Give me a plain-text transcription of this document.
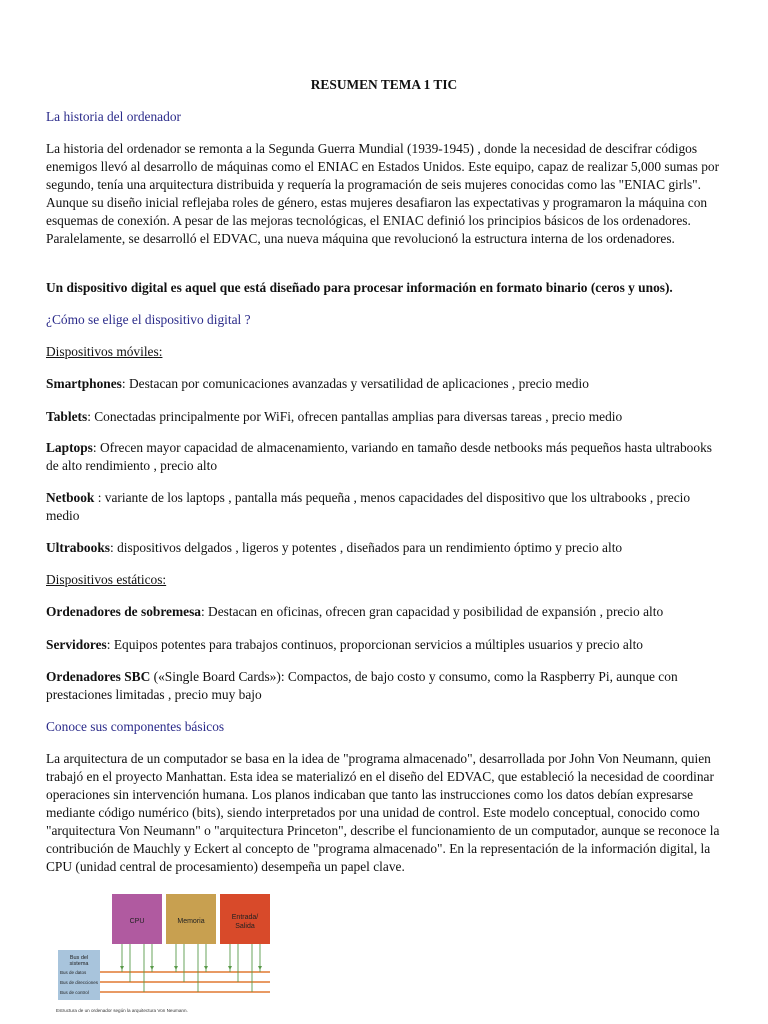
RESUMEN TEMA 1 TIC

La historia del ordenador

La historia del ordenador se remonta a la Segunda Guerra Mundial (1939-1945) , donde la necesidad de descifrar códigos enemigos llevó al desarrollo de máquinas como el ENIAC en Estados Unidos. Este equipo, capaz de realizar 5,000 sumas por segundo, tenía una arquitectura distribuida y requería la programación de seis mujeres conocidas como las "ENIAC girls". Aunque su diseño inicial reflejaba roles de género, estas mujeres desafiaron las expectativas y programaron la máquina con esquemas de conexión. A pesar de las mejoras tecnológicas, el ENIAC definió los principios básicos de los ordenadores. Paralelamente, se desarrolló el EDVAC, una nueva máquina que revolucionó la estructura interna de los ordenadores.

Un dispositivo digital es aquel que está diseñado para procesar información en formato binario (ceros y unos).

¿Cómo se elige el dispositivo digital ?

Dispositivos móviles:

Smartphones: Destacan por comunicaciones avanzadas y versatilidad de aplicaciones , precio medio

Tablets: Conectadas principalmente por WiFi, ofrecen pantallas amplias para diversas tareas , precio medio

Laptops: Ofrecen mayor capacidad de almacenamiento, variando en tamaño desde netbooks más pequeños hasta ultrabooks de alto rendimiento , precio alto

Netbook : variante de los laptops , pantalla más pequeña , menos capacidades del dispositivo que los ultrabooks , precio medio

Ultrabooks: dispositivos delgados , ligeros y potentes , diseñados para un rendimiento óptimo y precio alto

Dispositivos estáticos:

Ordenadores de sobremesa: Destacan en oficinas, ofrecen gran capacidad y posibilidad de expansión , precio alto

Servidores: Equipos potentes para trabajos continuos, proporcionan servicios a múltiples usuarios y precio alto

Ordenadores SBC («Single Board Cards»): Compactos, de bajo costo y consumo, como la Raspberry Pi, aunque con prestaciones limitadas , precio muy bajo

Conoce sus componentes básicos

La arquitectura de un computador se basa en la idea de "programa almacenado", desarrollada por John Von Neumann, quien trabajó en el proyecto Manhattan. Esta idea se materializó en el diseño del EDVAC, que estableció la necesidad de coordinar operaciones sin intervención humana. Los planos indicaban que tanto las instrucciones como los datos debían expresarse mediante código numérico (bits), siendo interpretados por una unidad de control. Este modelo conceptual, conocido como "arquitectura Von Neumann" o "arquitectura Princeton", describe el funcionamiento de un computador, aunque se reconoce la contribución de Mauchly y Eckert al concepto de "programa almacenado". En la representación de la información digital, la CPU (unidad central de procesamiento) desempeña un papel clave.

CPU	Memoria
Entrada/
Salida
Bus del
sistema
Bus de datos
Bus de direcciones
Bus de control
Estructura de un ordenador según la arquitectura Von Neumann.
